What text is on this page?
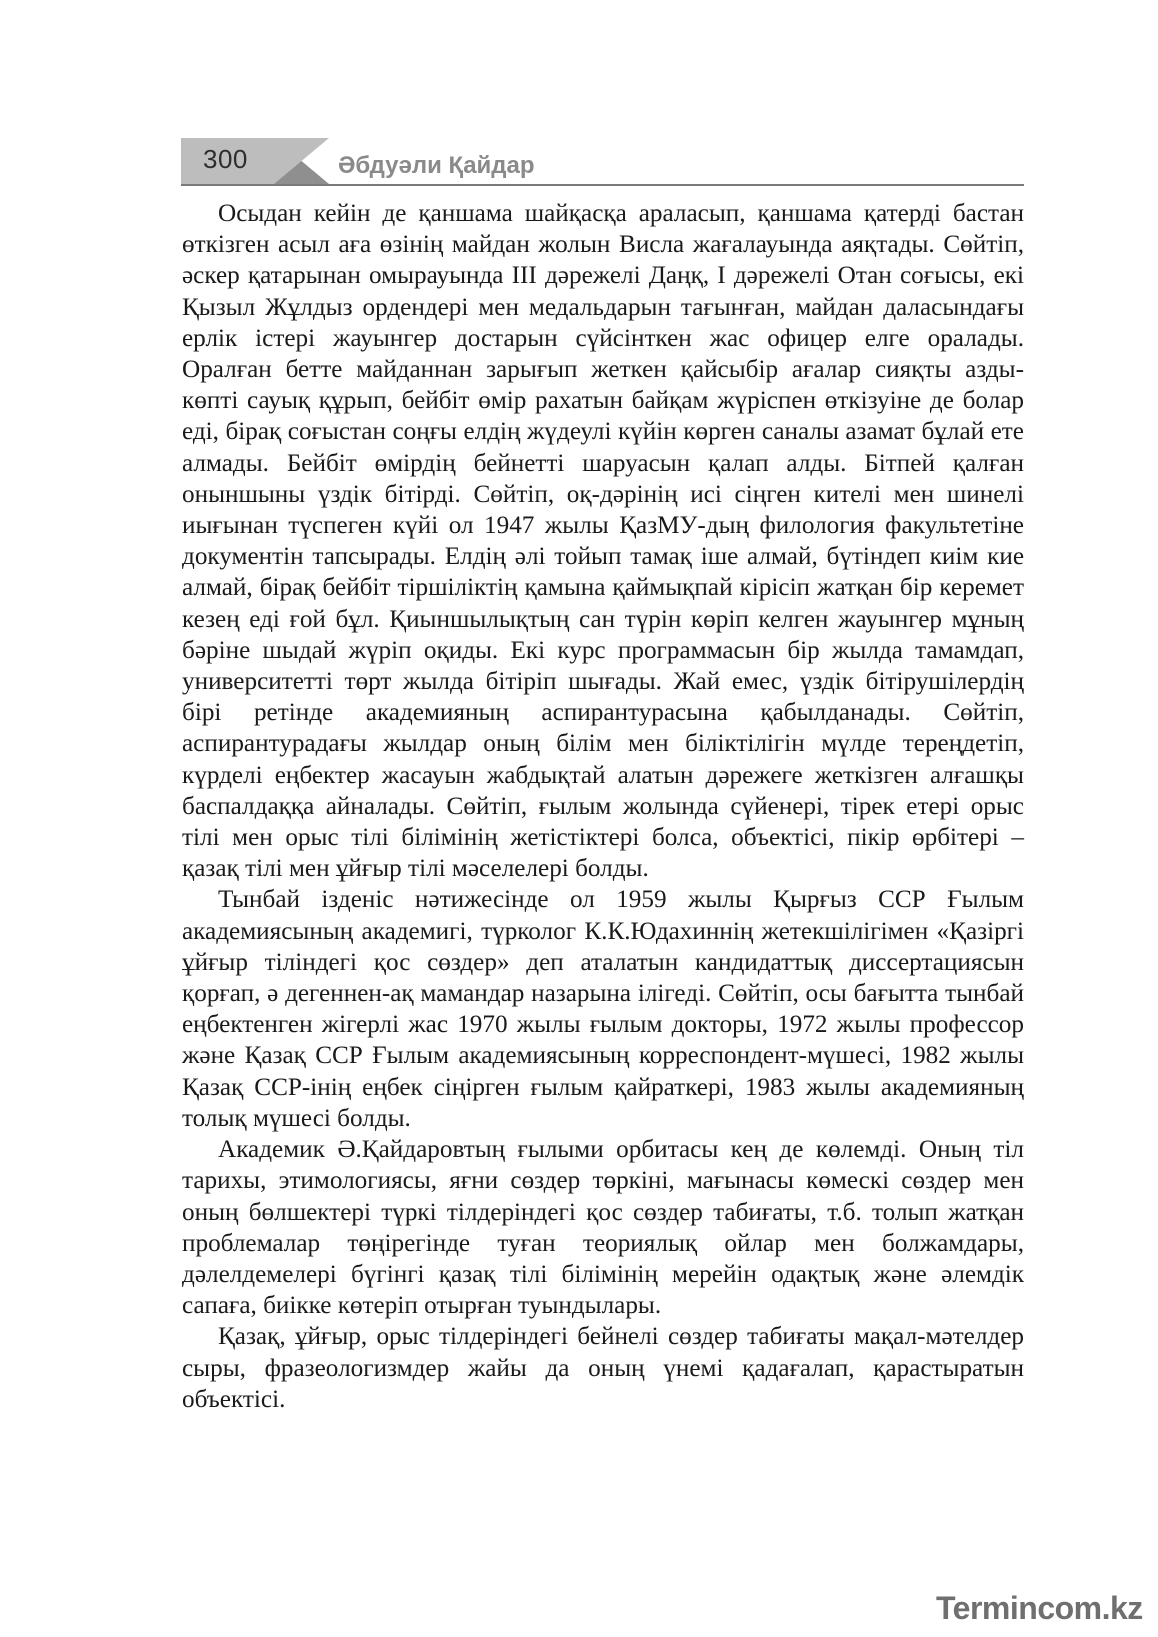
300	Әбдуәли Қайдар

Осыдан кейін де қаншама шайқасқа араласып, қаншама қатерді бастан өткізген асыл аға өзінің майдан жолын Висла жағалауында аяқтады. Сөйтіп, әскер қатарынан омырауында III дәрежелі Даңқ, I дәрежелі Отан соғысы, екі Қызыл Жұлдыз ордендері мен медальдарын тағынған, майдан даласындағы ерлік істері жауынгер достарын сүйсінткен жас офицер елге оралады. Оралған бетте майданнан зарығып жеткен қайсыбір ағалар сияқты азды- көпті сауық құрып, бейбіт өмір рахатын байқам жүріспен өткізуіне де болар еді, бірақ соғыстан соңғы елдің жүдеулі күйін көрген саналы азамат бұлай ете алмады. Бейбіт өмірдің бейнетті шаруасын қалап алды. Бітпей қалған оныншыны үздік бітірді. Сөйтіп, оқ-дәрінің исі сіңген кителі мен шинелі иығынан түспеген күйі ол 1947 жылы ҚазМУ-дың филология факультетіне документін тапсырады. Елдің әлі тойып тамақ іше алмай, бүтіндеп киім кие алмай, бірақ бейбіт тіршіліктің қамына қаймықпай кірісіп жатқан бір керемет кезең еді ғой бұл. Қиыншылықтың сан түрін көріп келген жауынгер мұның бәріне шыдай жүріп оқиды. Екі курс программасын бір жылда тамамдап, университетті төрт жылда бітіріп шығады. Жай емес, үздік бітірушілердің бірі ретінде академияның аспирантурасына қабылданады. Сөйтіп, аспирантурадағы жылдар оның білім мен біліктілігін мүлде тереңдетіп, күрделі еңбектер жасауын жабдықтай алатын дәрежеге жеткізген алғашқы баспалдаққа айналады. Сөйтіп, ғылым жолында сүйенері, тірек етері орыс тілі мен орыс тілі білімінің жетістіктері болса, объектісі, пікір өрбітері – қазақ тілі мен ұйғыр тілі мәселелері болды.

Тынбай ізденіс нәтижесінде ол 1959 жылы Қырғыз ССР Ғылым академиясының академигі, түрколог К.К.Юдахиннің жетекшілігімен «Қазіргі ұйғыр тіліндегі қос сөздер» деп аталатын кандидаттық диссертациясын қорғап, ә дегеннен-ақ мамандар назарына ілігеді. Сөйтіп, осы бағытта тынбай еңбектенген жігерлі жас 1970 жылы ғылым докторы, 1972 жылы профессор және Қазақ ССР Ғылым академиясының корреспондент-мүшесі, 1982 жылы Қазақ ССР-інің еңбек сіңірген ғылым қайраткері, 1983 жылы академияның толық мүшесі болды.

Академик Ә.Қайдаровтың ғылыми орбитасы кең де көлемді. Оның тіл тарихы, этимологиясы, яғни сөздер төркіні, мағынасы көмескі сөздер мен оның бөлшектері түркі тілдеріндегі қос сөздер табиғаты, т.б. толып жатқан проблемалар төңірегінде туған теориялық ойлар мен болжамдары, дәлелдемелері бүгінгі қазақ тілі білімінің мерейін одақтық және әлемдік сапаға, биікке көтеріп отырған туындылары.

Қазақ, ұйғыр, орыс тілдеріндегі бейнелі сөздер табиғаты мақал-мәтелдер сыры, фразеологизмдер жайы да оның үнемі қадағалап, қарастыратын объектісі.

Termincom.kz
